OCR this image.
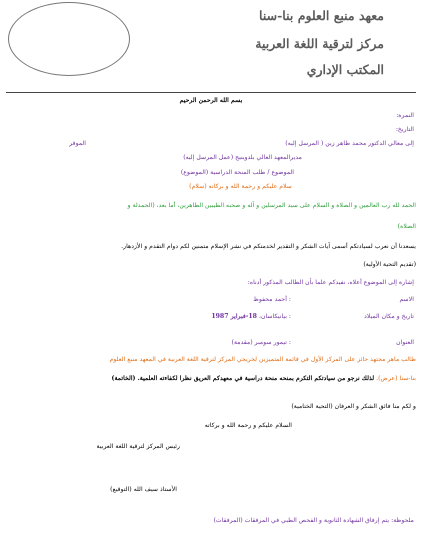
معهد منبع العلوم بنا-سنا
مركز لترقية اللغة العربية
المكتب الإداري
بسم الله الرحمن الرحيم
النمرة:
التاريخ:
إلى معالي الدكتور محمد طاهر زين ( المرسل إليه)
الموقر
مديرالمعهد العالي بلدوينيج (عمل المرسل إليه)
الموضوع / طلب المنحة الدراسية (الموضوع)
سلام عليكم و رحمة الله و بركاته (سلام)
الحمد لله رب العالمين و الصلاة و السلام على سيد المرسلين و آله و صحبه الطيبين الطاهرين، أما بعد، (الحمدلة و
الصلاة)
يسعدنا أن نعرب لسيادتكم أسمى آيات الشكر و التقدير لخدمتكم في نشر الإسلام متمنين لكم دوام التقدم و الأزدهار.
(تقديم التحية الأولية)
إشارة إلى الموضوع أعلاه، نفيدكم علما بأن الطالب المذكور أدناه:
الاسم
: أحمد محفوظ
تاريخ و مكان الميلاد
: بيانيكاسان، 18-فبراير 1987
العنوان
: تيمور سومبر (مقدمة)
طالب ماهر مجتهد حائز على المركز الأول في قائمة المتميزين لخريجي المركز لترقية اللغة العربية في المعهد منبع العلوم
بنا-سنا (عرض). لذلك نرجو من سيادتكم التكرم بمنحه منحة دراسية في معهدكم العريق نظرا لكفاءته العلمية. (الخاتمة)
و لكم منا فائق الشكر و العرفان (التحية الختامية)
السلام عليكم و رحمة الله و بركاته
رئيس المركز لترقية اللغة العربية
الأستاذ سيف الله (التوقيع)
ملحوظة: يتم إرفاق الشهادة الثانوية و الفحص الطبي في المرفقات (المرفقات)
